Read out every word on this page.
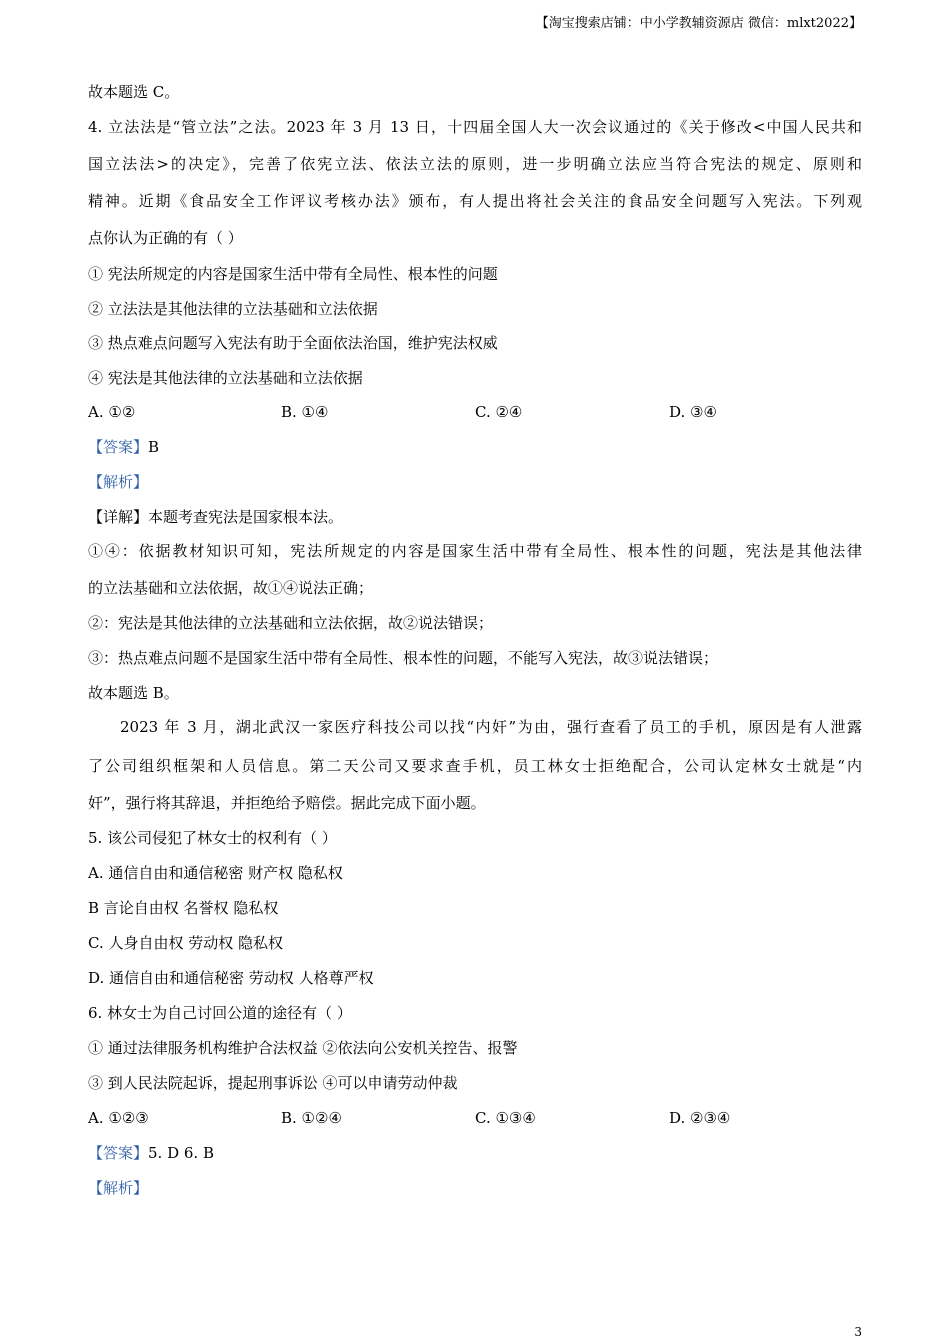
【淘宝搜索店铺：中小学教辅资源店 微信：mlxt2022】
故本题选 C。
4. 立法法是“管立法”之法。2023 年 3 月 13 日，十四届全国人大一次会议通过的《关于修改<中国人民共和
国立法法>的决定》，完善了依宪立法、依法立法的原则，进一步明确立法应当符合宪法的规定、原则和
精神。近期《食品安全工作评议考核办法》颁布，有人提出将社会关注的食品安全问题写入宪法。下列观
点你认为正确的有（ ）
① 宪法所规定的内容是国家生活中带有全局性、根本性的问题
② 立法法是其他法律的立法基础和立法依据
③ 热点难点问题写入宪法有助于全面依法治国，维护宪法权威
④ 宪法是其他法律的立法基础和立法依据
A. ①②	B. ①④	C. ②④	D. ③④
【答案】B
【解析】
【详解】本题考查宪法是国家根本法。
①④：依据教材知识可知，宪法所规定的内容是国家生活中带有全局性、根本性的问题，宪法是其他法律
的立法基础和立法依据，故①④说法正确；
②：宪法是其他法律的立法基础和立法依据，故②说法错误；
③：热点难点问题不是国家生活中带有全局性、根本性的问题，不能写入宪法，故③说法错误；
故本题选 B。
2023 年 3 月，湖北武汉一家医疗科技公司以找“内奸”为由，强行查看了员工的手机，原因是有人泄露
了公司组织框架和人员信息。第二天公司又要求查手机，员工林女士拒绝配合，公司认定林女士就是“内
奸”，强行将其辞退，并拒绝给予赔偿。据此完成下面小题。
5. 该公司侵犯了林女士的权利有（ ）
A. 通信自由和通信秘密 财产权 隐私权
B 言论自由权 名誉权 隐私权
C. 人身自由权 劳动权 隐私权
D. 通信自由和通信秘密 劳动权 人格尊严权
6. 林女士为自己讨回公道的途径有（ ）
① 通过法律服务机构维护合法权益 ②依法向公安机关控告、报警
③ 到人民法院起诉，提起刑事诉讼 ④可以申请劳动仲裁
A. ①②③	B. ①②④	C. ①③④	D. ②③④
【答案】5. D 6. B
【解析】
3
